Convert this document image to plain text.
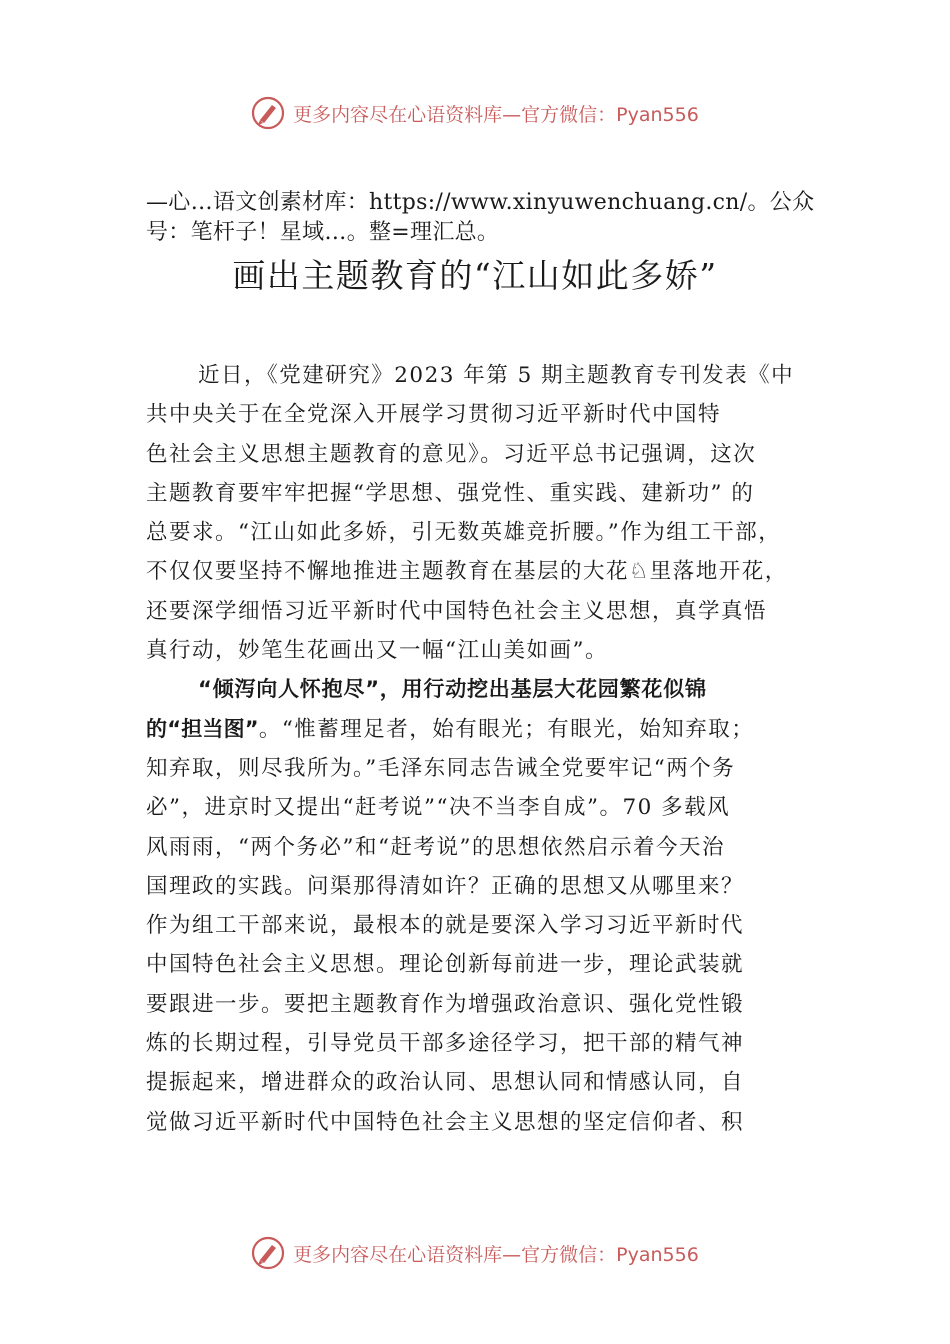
更多内容尽在心语资料库—官方微信：Pyan556
—心…语文创素材库：https://www.xinyuwenchuang.cn/。公众号：笔杆子！星域…。整=理汇总。
画出主题教育的“江山如此多娇”
近日，《党建研究》2023 年第 5 期主题教育专刊发表《中
共中央关于在全党深入开展学习贯彻习近平新时代中国特
色社会主义思想主题教育的意见》。习近平总书记强调，这次
主题教育要牢牢把握“学思想、强党性、重实践、建新功” 的
总要求。“江山如此多娇，引无数英雄竞折腰。”作为组工干部，
不仅仅要坚持不懈地推进主题教育在基层的大花♘里落地开花，
还要深学细悟习近平新时代中国特色社会主义思想，真学真悟
真行动，妙笔生花画出又一幅“江山美如画”。
“倾泻向人怀抱尽”，用行动挖出基层大花园繁花似锦
的“担当图”。“惟蓄理足者，始有眼光；有眼光，始知弃取；
知弃取，则尽我所为。”毛泽东同志告诫全党要牢记“两个务
必”，进京时又提出“赶考说”“决不当李自成”。70 多载风
风雨雨，“两个务必”和“赶考说”的思想依然启示着今天治
国理政的实践。问渠那得清如许？正确的思想又从哪里来？
作为组工干部来说，最根本的就是要深入学习习近平新时代
中国特色社会主义思想。理论创新每前进一步，理论武装就
要跟进一步。要把主题教育作为增强政治意识、强化党性锻
炼的长期过程，引导党员干部多途径学习，把干部的精气神
提振起来，增进群众的政治认同、思想认同和情感认同，自
觉做习近平新时代中国特色社会主义思想的坚定信仰者、积
更多内容尽在心语资料库—官方微信：Pyan556
